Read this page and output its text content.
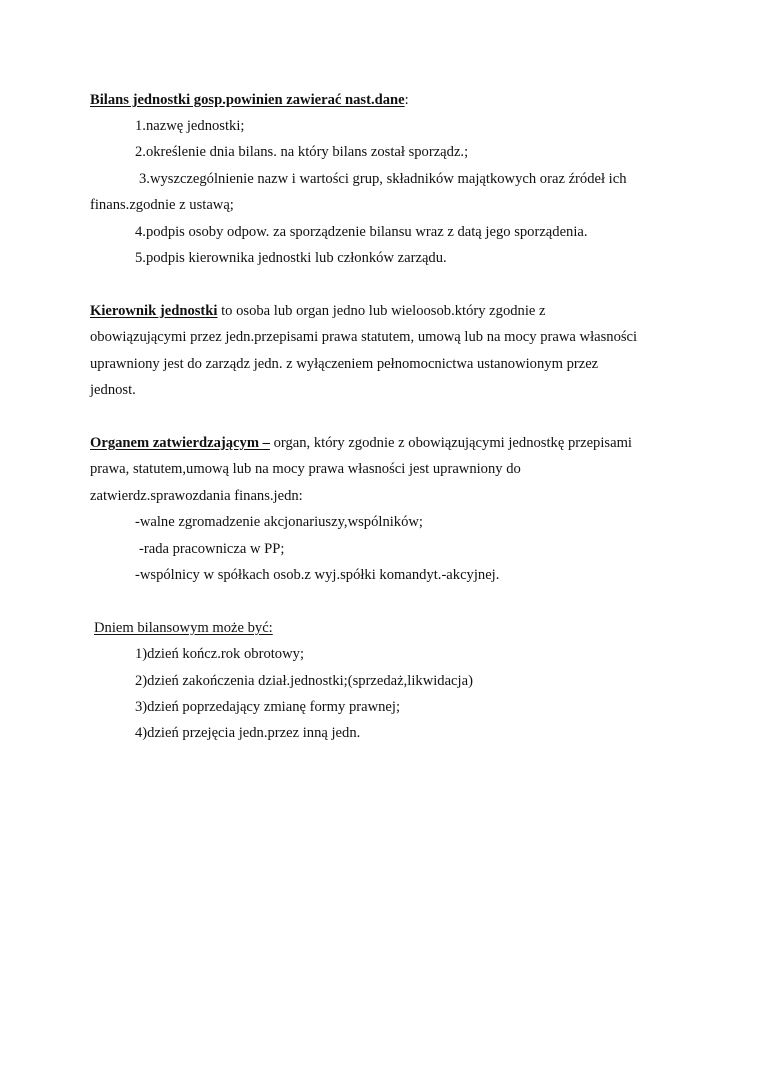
Bilans jednostki gosp.powinien zawierać nast.dane:
1.nazwę jednostki;
2.określenie dnia bilans. na który bilans został sporządz.;
3.wyszczególnienie nazw i wartości grup, składników majątkowych oraz źródeł ich
finans.zgodnie z ustawą;
4.podpis osoby odpow. za sporządzenie bilansu wraz z datą jego sporządenia.
5.podpis kierownika jednostki lub członków zarządu.
Kierownik jednostki to osoba lub organ jedno lub wieloosob.który zgodnie z
obowiązującymi przez jedn.przepisami prawa statutem, umową lub na mocy prawa własności
uprawniony jest do zarządz jedn. z wyłączeniem pełnomocnictwa ustanowionym przez
jednost.
Organem zatwierdzającym – organ, który zgodnie z obowiązującymi jednostkę przepisami
prawa, statutem,umową lub na mocy prawa własności jest uprawniony do
zatwierdz.sprawozdania finans.jedn:
-walne zgromadzenie akcjonariuszy,wspólników;
-rada pracownicza w PP;
-wspólnicy w spółkach osob.z wyj.spółki komandyt.-akcyjnej.
Dniem bilansowym może być:
1)dzień kończ.rok obrotowy;
2)dzień zakończenia dział.jednostki;(sprzedaż,likwidacja)
3)dzień poprzedający zmianę formy prawnej;
4)dzień przejęcia jedn.przez inną jedn.
